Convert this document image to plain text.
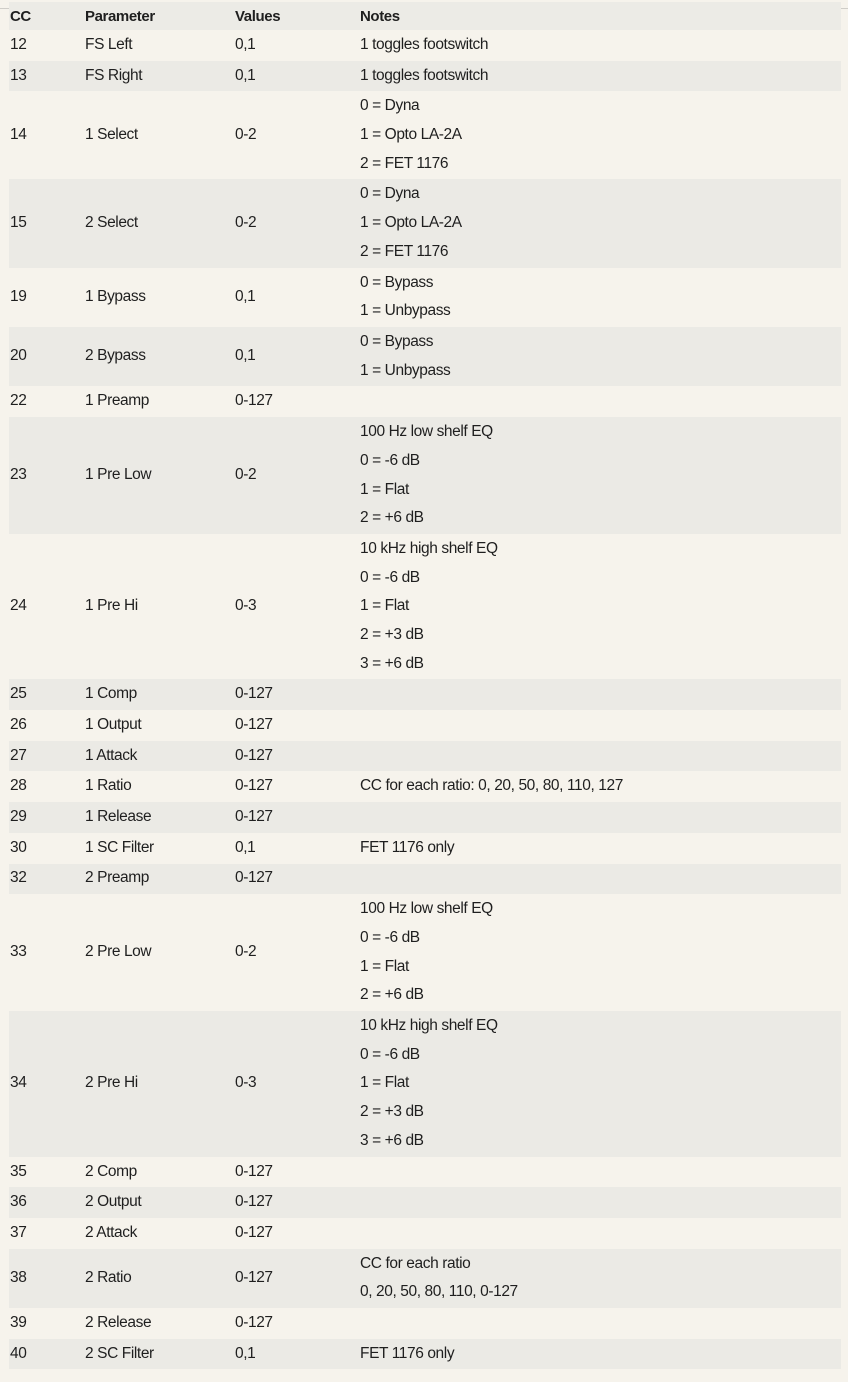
CC	Parameter	Values	Notes
12	FS Left	0,1	1 toggles footswitch

13	FS Right	0,1	1 toggles footswitch

14	1 Select	0-2	0 = Dyna
1 = Opto LA-2A
2 = FET 1176

15	2 Select	0-2	0 = Dyna
1 = Opto LA-2A
2 = FET 1176

19	1 Bypass	0,1	0 = Bypass
1 = Unbypass

20	2 Bypass	0,1	0 = Bypass
1 = Unbypass

22	1 Preamp	0-127	
23	1 Pre Low	0-2	100 Hz low shelf EQ
0 = -6 dB
1 = Flat
2 = +6 dB

24	1 Pre Hi	0-3	10 kHz high shelf EQ
0 = -6 dB
1 = Flat
2 = +3 dB
3 = +6 dB

25	1 Comp	0-127	
26	1 Output	0-127	
27	1 Attack	0-127	
28	1 Ratio	0-127	CC for each ratio: 0, 20, 50, 80, 110, 127

29	1 Release	0-127	
30	1 SC Filter	0,1	FET 1176 only

32	2 Preamp	0-127	
33	2 Pre Low	0-2	100 Hz low shelf EQ
0 = -6 dB
1 = Flat
2 = +6 dB

34	2 Pre Hi	0-3	10 kHz high shelf EQ
0 = -6 dB
1 = Flat
2 = +3 dB
3 = +6 dB

35	2 Comp	0-127	
36	2 Output	0-127	
37	2 Attack	0-127	
38	2 Ratio	0-127	CC for each ratio
0, 20, 50, 80, 110, 0-127

39	2 Release	0-127	
40	2 SC Filter	0,1	FET 1176 only
